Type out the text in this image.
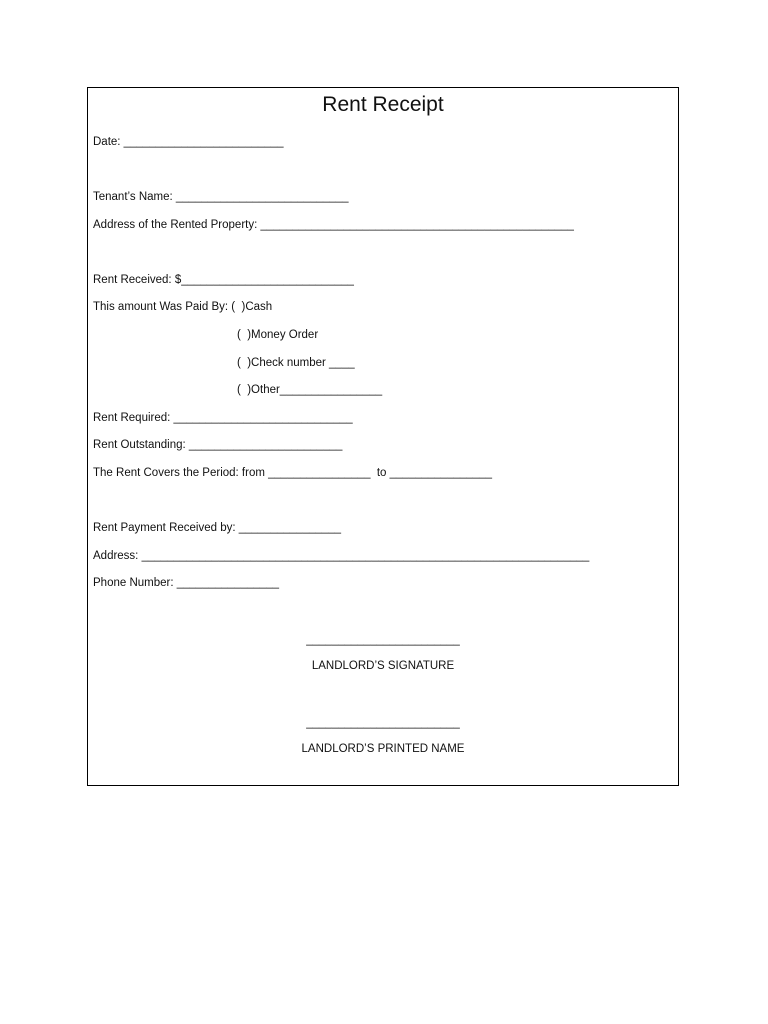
Rent Receipt
Date: _________________________
Tenant’s Name: ___________________________
Address of the Rented Property: _________________________________________________
Rent Received: $___________________________
This amount Was Paid By: (  )Cash
(  )Money Order
(  )Check number ____
(  )Other________________
Rent Required: ____________________________
Rent Outstanding: ________________________
The Rent Covers the Period: from ________________  to ________________
Rent Payment Received by: ________________
Address: ______________________________________________________________________
Phone Number: ________________
________________________
LANDLORD’S SIGNATURE
________________________
LANDLORD’S PRINTED NAME
